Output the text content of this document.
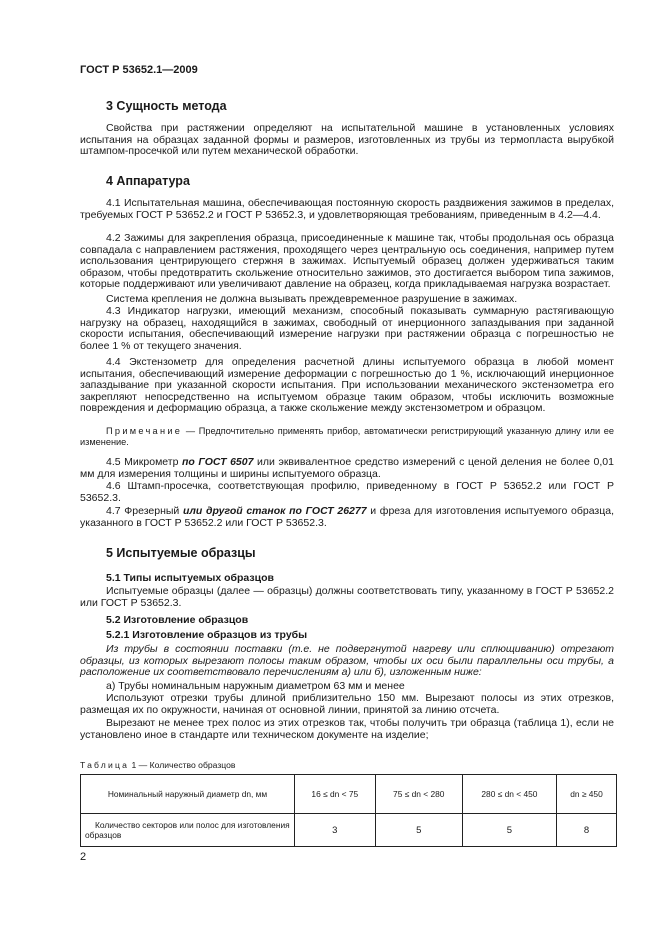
ГОСТ Р 53652.1—2009
3 Сущность метода

Свойства при растяжении определяют на испытательной машине в установленных условиях испытания на образцах заданной формы и размеров, изготовленных из трубы из термопласта вырубкой штампом-просечкой или путем механической обработки.

4 Аппаратура

4.1 Испытательная машина, обеспечивающая постоянную скорость раздвижения зажимов в пределах, требуемых ГОСТ Р 53652.2 и ГОСТ Р 53652.3, и удовлетворяющая требованиям, приведенным в 4.2—4.4.

4.2 Зажимы для закрепления образца, присоединенные к машине так, чтобы продольная ось образца совпадала с направлением растяжения, проходящего через центральную ось соединения, например путем использования центрирующего стержня в зажимах. Испытуемый образец должен удерживаться таким образом, чтобы предотвратить скольжение относительно зажимов, это достигается выбором типа зажимов, которые поддерживают или увеличивают давление на образец, когда прикладываемая нагрузка возрастает.

Система крепления не должна вызывать преждевременное разрушение в зажимах.

4.3 Индикатор нагрузки, имеющий механизм, способный показывать суммарную растягивающую нагрузку на образец, находящийся в зажимах, свободный от инерционного запаздывания при заданной скорости испытания, обеспечивающий измерение нагрузки при растяжении образца с погрешностью не более 1 % от текущего значения.

4.4 Экстензометр для определения расчетной длины испытуемого образца в любой момент испытания, обеспечивающий измерение деформации с погрешностью до 1 %, исключающий инерционное запаздывание при указанной скорости испытания. При использовании механического экстензометра его закрепляют непосредственно на испытуемом образце таким образом, чтобы исключить возможные повреждения и деформацию образца, а также скольжение между экстензометром и образцом.

Примечание — Предпочтительно применять прибор, автоматически регистрирующий указанную длину или ее изменение.

4.5 Микрометр по ГОСТ 6507 или эквивалентное средство измерений с ценой деления не более 0,01 мм для измерения толщины и ширины испытуемого образца.

4.6 Штамп-просечка, соответствующая профилю, приведенному в ГОСТ Р 53652.2 или ГОСТ Р 53652.3.

4.7 Фрезерный или другой станок по ГОСТ 26277 и фреза для изготовления испытуемого образца, указанного в ГОСТ Р 53652.2 или ГОСТ Р 53652.3.

5 Испытуемые образцы
5.1 Типы испытуемых образцов

Испытуемые образцы (далее — образцы) должны соответствовать типу, указанному в ГОСТ Р 53652.2 или ГОСТ Р 53652.3.

5.2 Изготовление образцов
5.2.1 Изготовление образцов из трубы

Из трубы в состоянии поставки (т.е. не подвергнутой нагреву или сплющиванию) отрезают образцы, из которых вырезают полосы таким образом, чтобы их оси были параллельны оси трубы, а расположение их соответствовало перечислениям а) или б), изложенным ниже:

а) Трубы номинальным наружным диаметром 63 мм и менее

Используют отрезки трубы длиной приблизительно 150 мм. Вырезают полосы из этих отрезков, размещая их по окружности, начиная от основной линии, принятой за линию отсчета.

Вырезают не менее трех полос из этих отрезков так, чтобы получить три образца (таблица 1), если не установлено иное в стандарте или техническом документе на изделие;

Таблица 1 — Количество образцов
Номинальный наружный диаметр dn, мм	16 ≤ dn < 75	75 ≤ dn < 280	280 ≤ dn < 450	dn ≥ 450
Количество секторов или полос для изготовления образцов	3	5	5	8
2
